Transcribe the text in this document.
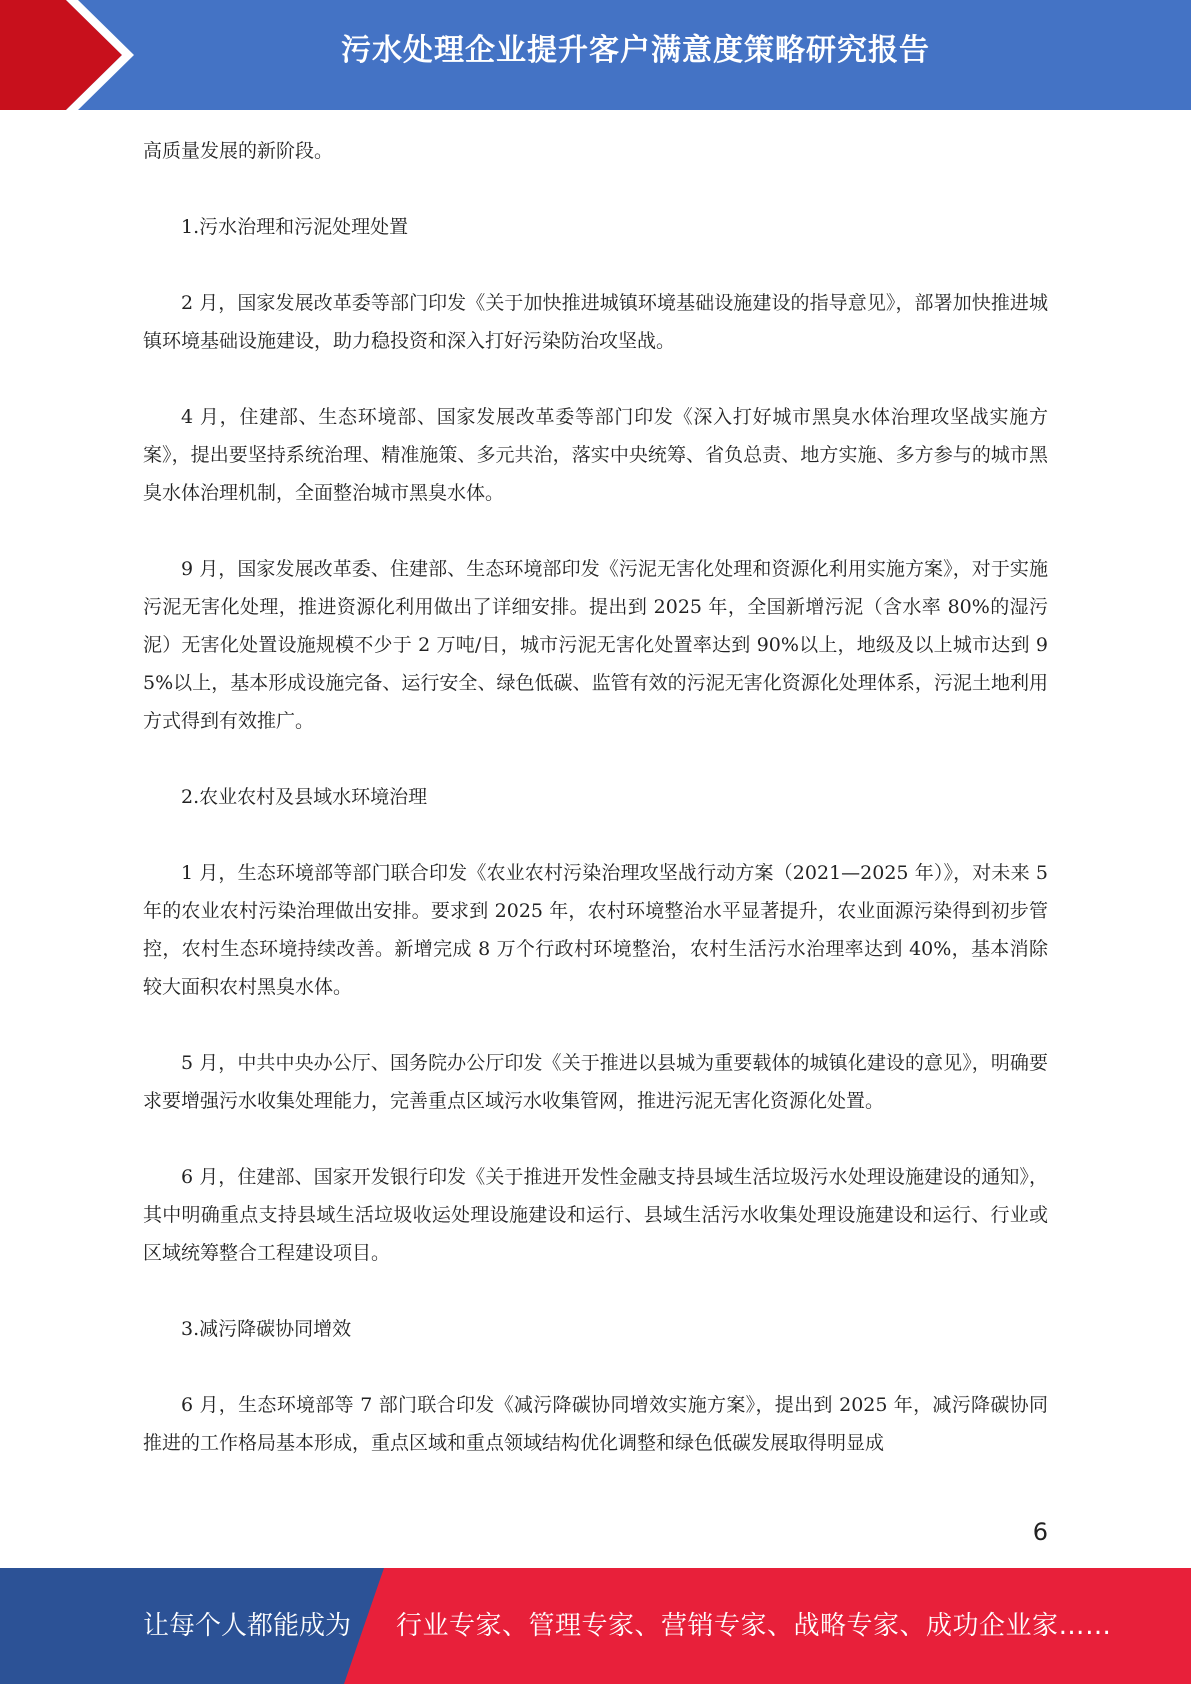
污水处理企业提升客户满意度策略研究报告

高质量发展的新阶段。

1.污水治理和污泥处理处置

2 月，国家发展改革委等部门印发《关于加快推进城镇环境基础设施建设的指导意见》，部署加快推进城镇环境基础设施建设，助力稳投资和深入打好污染防治攻坚战。

4 月，住建部、生态环境部、国家发展改革委等部门印发《深入打好城市黑臭水体治理攻坚战实施方案》，提出要坚持系统治理、精准施策、多元共治，落实中央统筹、省负总责、地方实施、多方参与的城市黑臭水体治理机制，全面整治城市黑臭水体。

9 月，国家发展改革委、住建部、生态环境部印发《污泥无害化处理和资源化利用实施方案》，对于实施污泥无害化处理，推进资源化利用做出了详细安排。提出到 2025 年，全国新增污泥（含水率 80%的湿污泥）无害化处置设施规模不少于 2 万吨/日，城市污泥无害化处置率达到 90%以上，地级及以上城市达到 95%以上，基本形成设施完备、运行安全、绿色低碳、监管有效的污泥无害化资源化处理体系，污泥土地利用方式得到有效推广。

2.农业农村及县域水环境治理

1 月，生态环境部等部门联合印发《农业农村污染治理攻坚战行动方案（2021—2025 年）》，对未来 5 年的农业农村污染治理做出安排。要求到 2025 年，农村环境整治水平显著提升，农业面源污染得到初步管控，农村生态环境持续改善。新增完成 8 万个行政村环境整治，农村生活污水治理率达到 40%，基本消除较大面积农村黑臭水体。

5 月，中共中央办公厅、国务院办公厅印发《关于推进以县城为重要载体的城镇化建设的意见》，明确要求要增强污水收集处理能力，完善重点区域污水收集管网，推进污泥无害化资源化处置。

6 月，住建部、国家开发银行印发《关于推进开发性金融支持县域生活垃圾污水处理设施建设的通知》，其中明确重点支持县域生活垃圾收运处理设施建设和运行、县域生活污水收集处理设施建设和运行、行业或区域统筹整合工程建设项目。

3.减污降碳协同增效

6 月，生态环境部等 7 部门联合印发《减污降碳协同增效实施方案》，提出到 2025 年，减污降碳协同推进的工作格局基本形成，重点区域和重点领域结构优化调整和绿色低碳发展取得明显成

6
让每个人都能成为 行业专家、管理专家、营销专家、战略专家、成功企业家……
